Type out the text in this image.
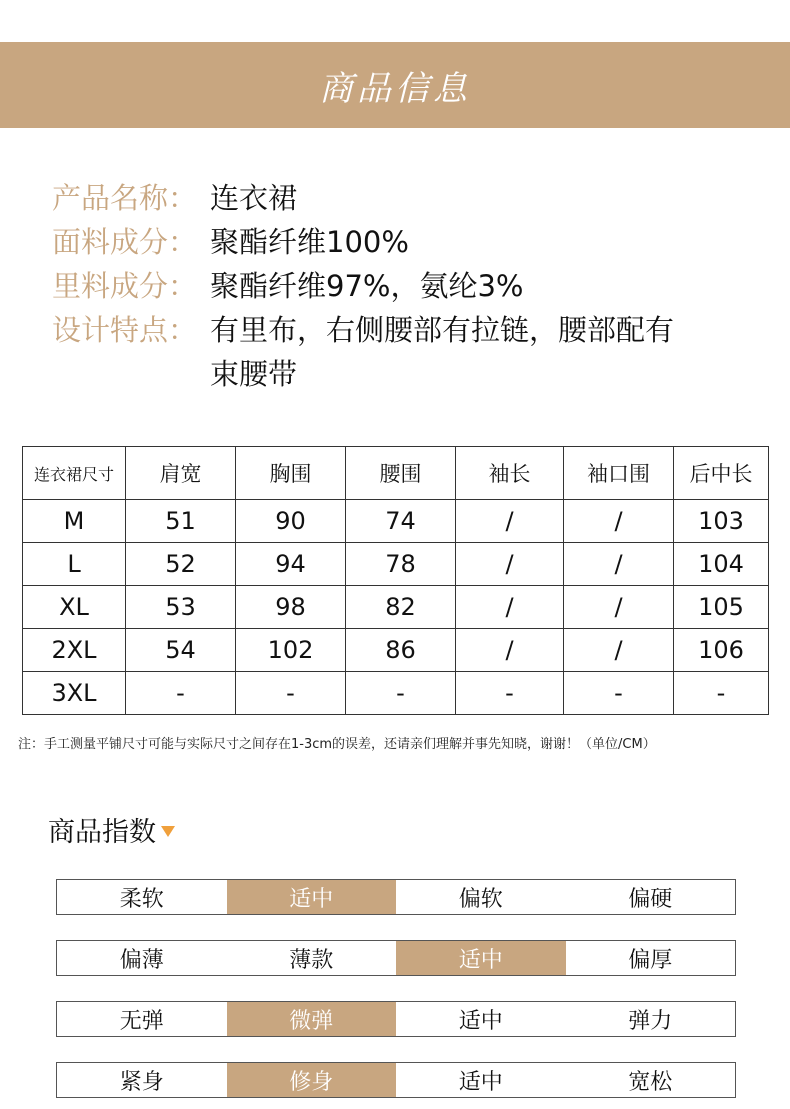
商品信息
产品名称： 连衣裙
面料成分： 聚酯纤维100%
里料成分： 聚酯纤维97%，氨纶3%
设计特点： 有里布，右侧腰部有拉链，腰部配有束腰带
连衣裙尺寸	肩宽	胸围	腰围	袖长	袖口围	后中长
M	51	90	74	/	/	103
L	52	94	78	/	/	104
XL	53	98	82	/	/	105
2XL	54	102	86	/	/	106
3XL	-	-	-	-	-	-
注：手工测量平铺尺寸可能与实际尺寸之间存在1-3cm的误差，还请亲们理解并事先知晓，谢谢！（单位/CM）
商品指数
柔软	适中	偏软	偏硬
偏薄	薄款	适中	偏厚
无弹	微弹	适中	弹力
紧身	修身	适中	宽松
